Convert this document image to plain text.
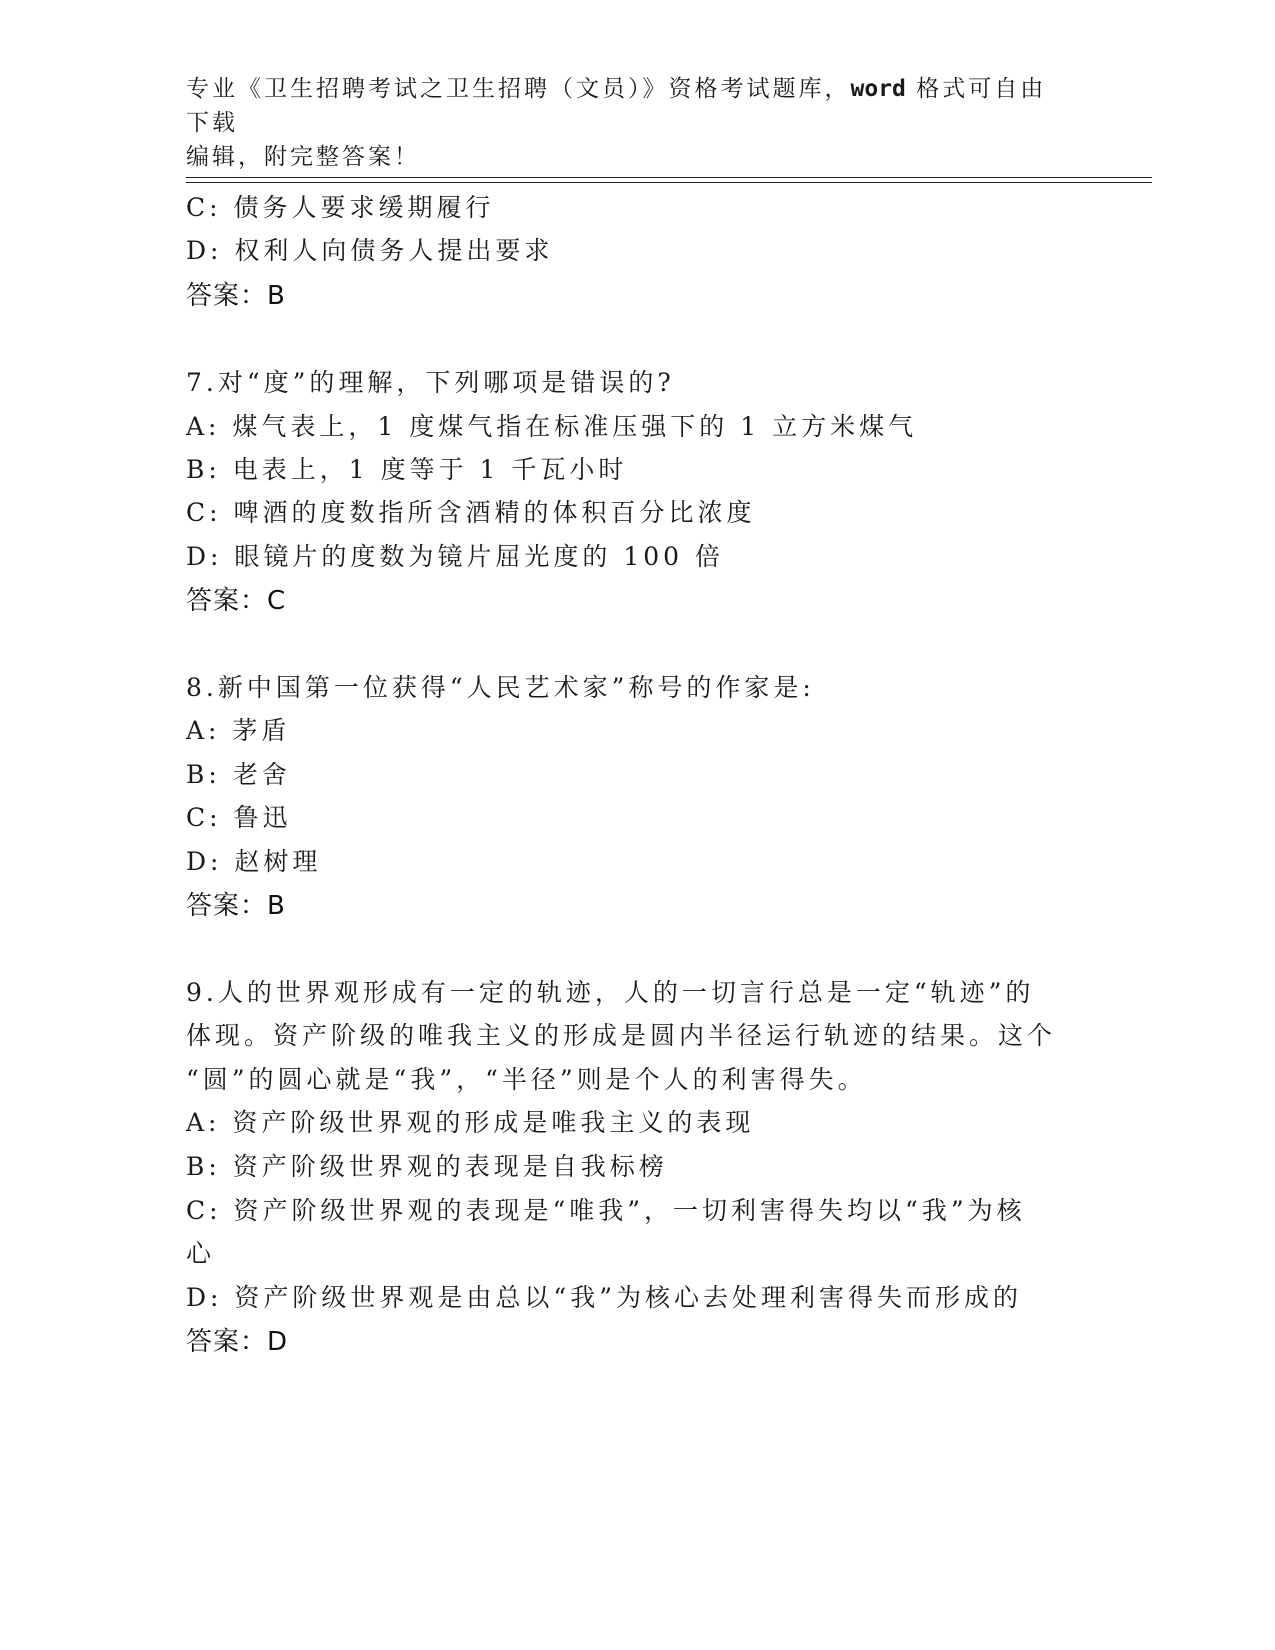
专业《卫生招聘考试之卫生招聘（文员）》资格考试题库，word 格式可自由下载
编辑，附完整答案！
C: 债务人要求缓期履行
D: 权利人向债务人提出要求
答案：B
7.对“度”的理解，下列哪项是错误的?
A: 煤气表上，1 度煤气指在标准压强下的 1 立方米煤气
B: 电表上，1 度等于 1 千瓦小时
C: 啤酒的度数指所含酒精的体积百分比浓度
D: 眼镜片的度数为镜片屈光度的 100 倍
答案：C
8.新中国第一位获得“人民艺术家”称号的作家是:
A: 茅盾
B: 老舍
C: 鲁迅
D: 赵树理
答案：B
9.人的世界观形成有一定的轨迹，人的一切言行总是一定“轨迹”的
体现。资产阶级的唯我主义的形成是圆内半径运行轨迹的结果。这个
“圆”的圆心就是“我”，“半径”则是个人的利害得失。
A: 资产阶级世界观的形成是唯我主义的表现
B: 资产阶级世界观的表现是自我标榜
C: 资产阶级世界观的表现是“唯我”，一切利害得失均以“我”为核
心
D: 资产阶级世界观是由总以“我”为核心去处理利害得失而形成的
答案：D
